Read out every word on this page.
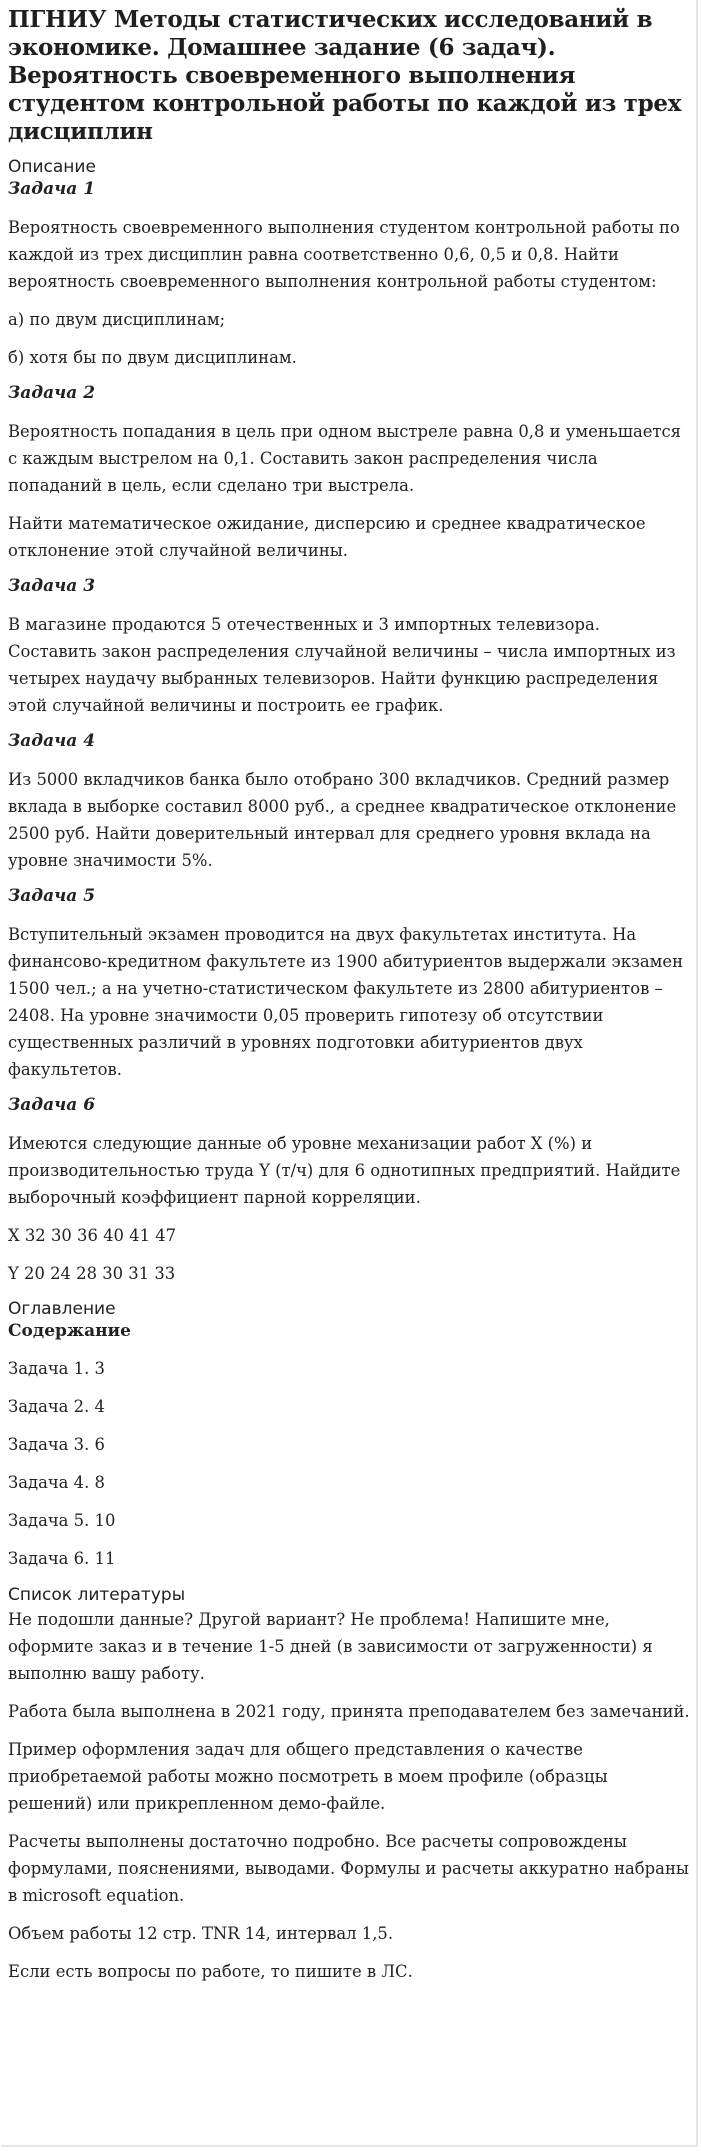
ПГНИУ Методы статистических исследований в экономике. Домашнее задание (6 задач). Вероятность своевременного выполнения студентом контрольной работы по каждой из трех дисциплин
Описание
Задача 1

Вероятность своевременного выполнения студентом контрольной работы по каждой из трех дисциплин равна соответственно 0,6, 0,5 и 0,8. Найти вероятность своевременного выполнения контрольной работы студентом:

а) по двум дисциплинам;

б) хотя бы по двум дисциплинам.

Задача 2

Вероятность попадания в цель при одном выстреле равна 0,8 и уменьшается с каждым выстрелом на 0,1. Составить закон распределения числа попаданий в цель, если сделано три выстрела.

Найти математическое ожидание, дисперсию и среднее квадратическое отклонение этой случайной величины.

Задача 3

В магазине продаются 5 отечественных и 3 импортных телевизора. Составить закон распределения случайной величины – числа импортных из четырех наудачу выбранных телевизоров. Найти функцию распределения этой случайной величины и построить ее график.

Задача 4

Из 5000 вкладчиков банка было отобрано 300 вкладчиков. Средний размер вклада в выборке составил 8000 руб., а среднее квадратическое отклонение 2500 руб. Найти доверительный интервал для среднего уровня вклада на уровне значимости 5%.

Задача 5

Вступительный экзамен проводится на двух факультетах института. На финансово-кредитном факультете из 1900 абитуриентов выдержали экзамен 1500 чел.; а на учетно-статистическом факультете из 2800 абитуриентов – 2408. На уровне значимости 0,05 проверить гипотезу об отсутствии существенных различий в уровнях подготовки абитуриентов двух факультетов.

Задача 6

Имеются следующие данные об уровне механизации работ X (%) и производительностью труда Y (т/ч) для 6 однотипных предприятий. Найдите выборочный коэффициент парной корреляции.

X 32 30 36 40 41 47

Y 20 24 28 30 31 33

Оглавление
Содержание
Задача 1. 3
Задача 2. 4
Задача 3. 6
Задача 4. 8
Задача 5. 10
Задача 6. 11
Список литературы

Не подошли данные? Другой вариант? Не проблема! Напишите мне, оформите заказ и в течение 1-5 дней (в зависимости от загруженности) я выполню вашу работу.

Работа была выполнена в 2021 году, принята преподавателем без замечаний.

Пример оформления задач для общего представления о качестве приобретаемой работы можно посмотреть в моем профиле (образцы решений) или прикрепленном демо-файле.

Расчеты выполнены достаточно подробно. Все расчеты сопровождены формулами, пояснениями, выводами. Формулы и расчеты аккуратно набраны в microsoft equation.

Объем работы 12 стр. TNR 14, интервал 1,5.

Если есть вопросы по работе, то пишите в ЛС.
